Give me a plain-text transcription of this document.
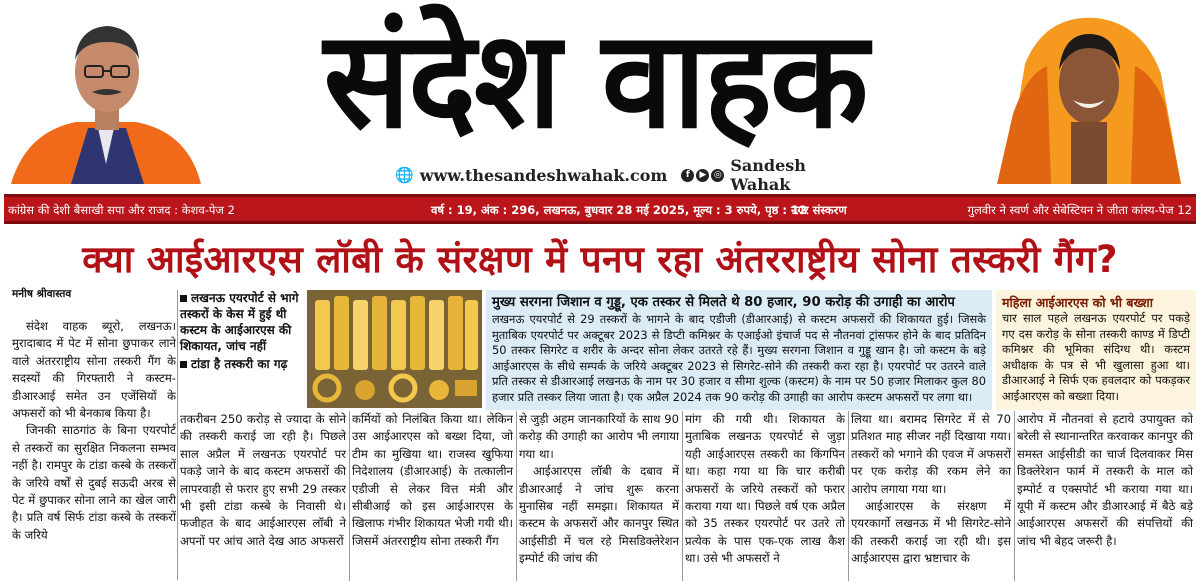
संदेश वाहक
🌐 www.thesandeshwahak.com	f	▶ ◎ Sandesh Wahak
कांग्रेस की देशी बैसाखी सपा और राजद : केशव-पेज 2	वर्ष : 19, अंक : 296, लखनऊ, बुधवार 28 मई 2025, मूल्य : 3 रुपये, पृष्ठ : 12
नगर संस्करण	गुलवीर ने स्वर्ण और सेबेस्टियन ने जीता कांस्य-पेज 12
क्या आईआरएस लॉबी के संरक्षण में पनप रहा अंतरराष्ट्रीय सोना तस्करी गैंग?
मनीष श्रीवास्तव

संदेश वाहक ब्यूरो, लखनऊ। मुरादाबाद में पेट में सोना छुपाकर लाने वाले अंतरराष्ट्रीय सोना तस्करी गैंग के सदस्यों की गिरफ्तारी ने कस्टम-डीआरआई समेत उन एजेंसियों के अफसरों को भी बेनकाब किया है।

जिनकी साठगांठ के बिना एयरपोर्ट से तस्करों का सुरक्षित निकलना सम्भव नहीं है। रामपुर के टांडा कस्बे के तस्करों के जरिये वर्षों से दुबई सऊदी अरब से पेट में छुपाकर सोना लाने का खेल जारी है। प्रति वर्ष सिर्फ टांडा कस्बे के तस्करों के जरिये

लखनऊ एयरपोर्ट से भागे तस्करों के केस में हुई थी कस्टम के आईआरएस की शिकायत, जांच नहीं
टांडा है तस्करी का गढ़
मुख्य सरगना जिशान व गुड्डू, एक तस्कर से मिलते थे 80 हजार, 90 करोड़ की उगाही का आरोप

लखनऊ एयरपोर्ट से 29 तस्करों के भागने के बाद एडीजी (डीआरआई) से कस्टम अफसरों की शिकायत हुई। जिसके मुताबिक एयरपोर्ट पर अक्टूबर 2023 से डिप्टी कमिश्नर के एआईओ इंचार्ज पद से नौतनवां ट्रांसफर होने के बाद प्रतिदिन 50 तस्कर सिगरेट व शरीर के अन्दर सोना लेकर उतरते रहे हैं। मुख्य सरगना जिशान व गुड्डू खान है। जो कस्टम के बड़े आईआरएस के सीधे सम्पर्क के जरिये अक्टूबर 2023 से सिगरेट-सोने की तस्करी करा रहा है। एयरपोर्ट पर उतरने वाले प्रति तस्कर से डीआरआई लखनऊ के नाम पर 30 हजार व सीमा शुल्क (कस्टम) के नाम पर 50 हजार मिलाकर कुल 80 हजार प्रति तस्कर लिया जाता है। एक अप्रैल 2024 तक 90 करोड़ की उगाही का आरोप कस्टम अफसरों पर लगा था।

महिला आईआरएस को भी बख्शा

चार साल पहले लखनऊ एयरपोर्ट पर पकड़े गए दस करोड़ के सोना तस्करी काण्ड में डिप्टी कमिश्नर की भूमिका संदिग्ध थी। कस्टम अधीक्षक के पत्र से भी खुलासा हुआ था। डीआरआई ने सिर्फ एक हवलदार को पकड़कर आईआरएस को बख्शा दिया।

तकरीबन 250 करोड़ से ज्यादा के सोने की तस्करी कराई जा रही है। पिछले साल अप्रैल में लखनऊ एयरपोर्ट पर पकड़े जाने के बाद कस्टम अफसरों की लापरवाही से फरार हुए सभी 29 तस्कर भी इसी टांडा कस्बे के निवासी थे। फजीहत के बाद आईआरएस लॉबी ने अपनों पर आंच आते देख आठ अफसरों

कर्मियों को निलंबित किया था। लेकिन उस आईआरएस को बख्श दिया, जो टीम का मुखिया था। राजस्व खुफिया निदेशालय (डीआरआई) के तत्कालीन एडीजी से लेकर वित्त मंत्री और सीबीआई को इस आईआरएस के खिलाफ गंभीर शिकायत भेजी गयी थी। जिसमें अंतरराष्ट्रीय सोना तस्करी गैंग

से जुड़ी अहम जानकारियों के साथ 90 करोड़ की उगाही का आरोप भी लगाया गया था।

आईआरएस लॉबी के दबाव में डीआरआई ने जांच शुरू करना मुनासिब नहीं समझा। शिकायत में कस्टम के अफसरों और कानपुर स्थित आईसीडी में चल रहे मिसडिक्लेरेशन इम्पोर्ट की जांच की

मांग की गयी थी। शिकायत के मुताबिक लखनऊ एयरपोर्ट से जुड़ा यही आईआरएस तस्करी का किंगपिन था। कहा गया था कि चार करीबी अफसरों के जरिये तस्करों को फरार कराया गया था। पिछले वर्ष एक अप्रैल को 35 तस्कर एयरपोर्ट पर उतरे तो प्रत्येक के पास एक-एक लाख कैश था। उसे भी अफसरों ने

लिया था। बरामद सिगरेट में से 70 प्रतिशत माह सीजर नहीं दिखाया गया। तस्करों को भगाने की एवज में अफसरों पर एक करोड़ की रकम लेने का आरोप लगाया गया था।

आईआरएस के संरक्षण में एयरकार्गो लखनऊ में भी सिगरेट-सोने की तस्करी कराई जा रही थी। इस आईआरएस द्वारा भ्रष्टाचार के

आरोप में नौतनवां से हटाये उपायुक्त को बरेली से स्थानान्तरित करवाकर कानपुर की समस्त आईसीडी का चार्ज दिलवाकर मिस डिक्लेरेशन फार्म में तस्करी के माल को इम्पोर्ट व एक्सपोर्ट भी कराया गया था। यूपी में कस्टम और डीआरआई में बैठे बड़े आईआरएस अफसरों की संपत्तियों की जांच भी बेहद जरूरी है।
